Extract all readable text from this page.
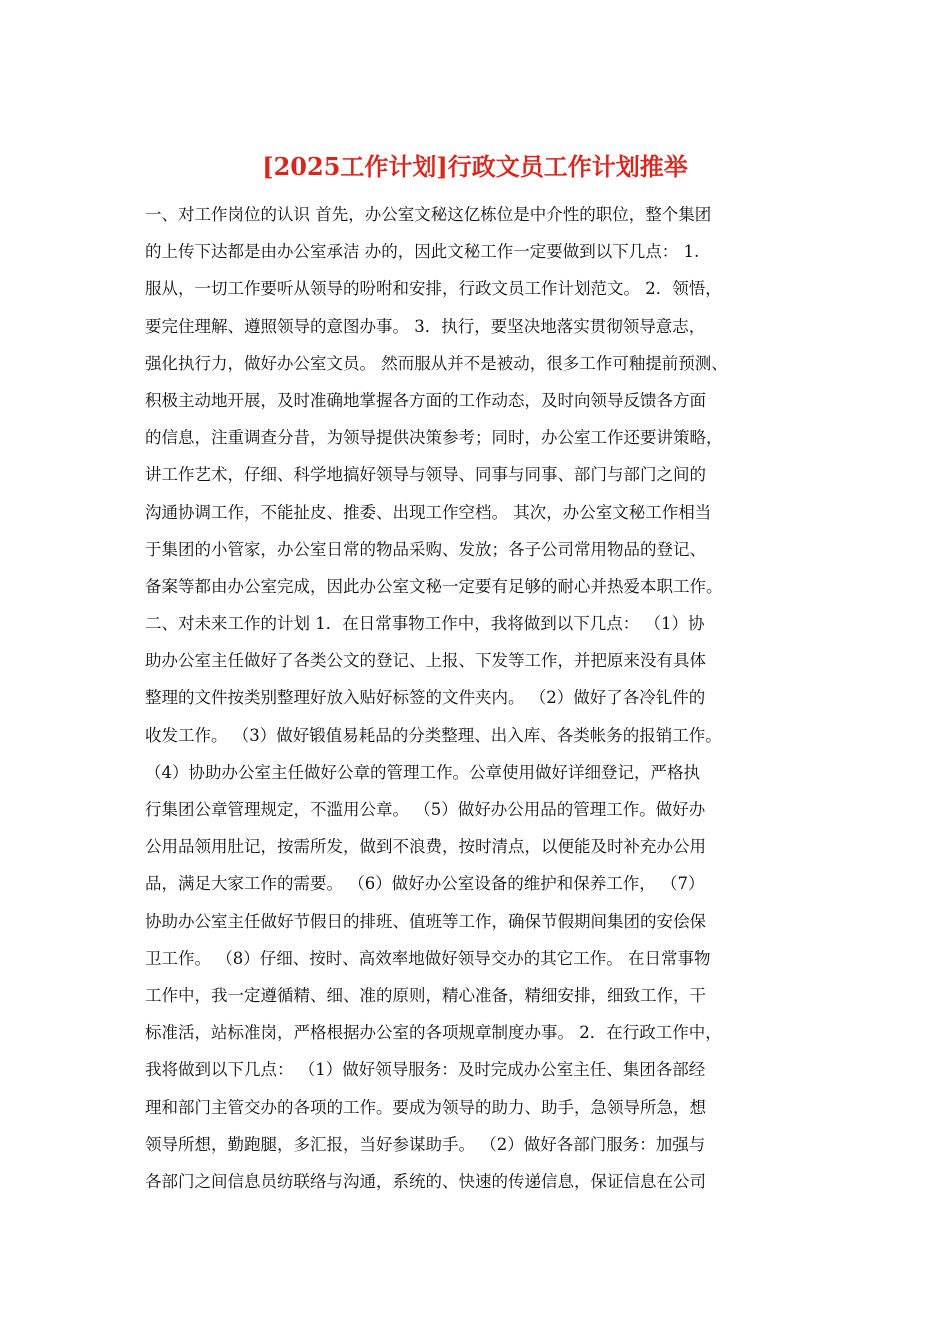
[2025工作计划]行政文员工作计划推举
一、对工作岗位的认识 首先，办公室文秘这亿栋位是中介性的职位，整个集团
的上传下达都是由办公室承洁 办的，因此文秘工作一定要做到以下几点： 1.
服从，一切工作要听从领导的吩咐和安排，行政文员工作计划范文。 2．领悟，
要完住理解、遵照领导的意图办事。 3．执行，要坚决地落实贯彻领导意志，
强化执行力，做好办公室文员。 然而服从并不是被动，很多工作可釉提前预测、
积极主动地开展，及时准确地掌握各方面的工作动态，及时向领导反馈各方面
的信息，注重调查分昔，为领导提供决策参考；同时，办公室工作还要讲策略，
讲工作艺术，仔细、科学地搞好领导与领导、同事与同事、部门与部门之间的
沟通协调工作，不能扯皮、推委、出现工作空档。 其次，办公室文秘工作相当
于集团的小管家，办公室日常的物品采购、发放；各子公司常用物品的登记、
备案等都由办公室完成，因此办公室文秘一定要有足够的耐心并热爱本职工作。
二、对未来工作的计划 1．在日常事物工作中，我将做到以下几点： （1）协
助办公室主任做好了各类公文的登记、上报、下发等工作，并把原来没有具体
整理的文件按类别整理好放入贴好标签的文件夹内。 （2）做好了各冷钆件的
收发工作。 （3）做好锻值易耗品的分类整理、出入库、各类帐务的报销工作。
（4）协助办公室主任做好公章的管理工作。公章使用做好详细登记，严格执
行集团公章管理规定，不滥用公章。 （5）做好办公用品的管理工作。做好办
公用品领用肚记，按需所发，做到不浪费，按时清点，以便能及时补充办公用
品，满足大家工作的需要。 （6）做好办公室设备的维护和保养工作， （7）
协助办公室主任做好节假日的排班、值班等工作，确保节假期间集团的安侩保
卫工作。 （8）仔细、按时、高效率地做好领导交办的其它工作。 在日常事物
工作中，我一定遵循精、细、准的原则，精心准备，精细安排，细致工作，干
标准活，站标准岗，严格根据办公室的各项规章制度办事。 2．在行政工作中，
我将做到以下几点： （1）做好领导服务：及时完成办公室主任、集团各部经
理和部门主管交办的各项的工作。要成为领导的助力、助手，急领导所急，想
领导所想，勤跑腿，多汇报，当好参谋助手。 （2）做好各部门服务：加强与
各部门之间信息员纺联络与沟通，系统的、快速的传递信息，保证信息在公司
